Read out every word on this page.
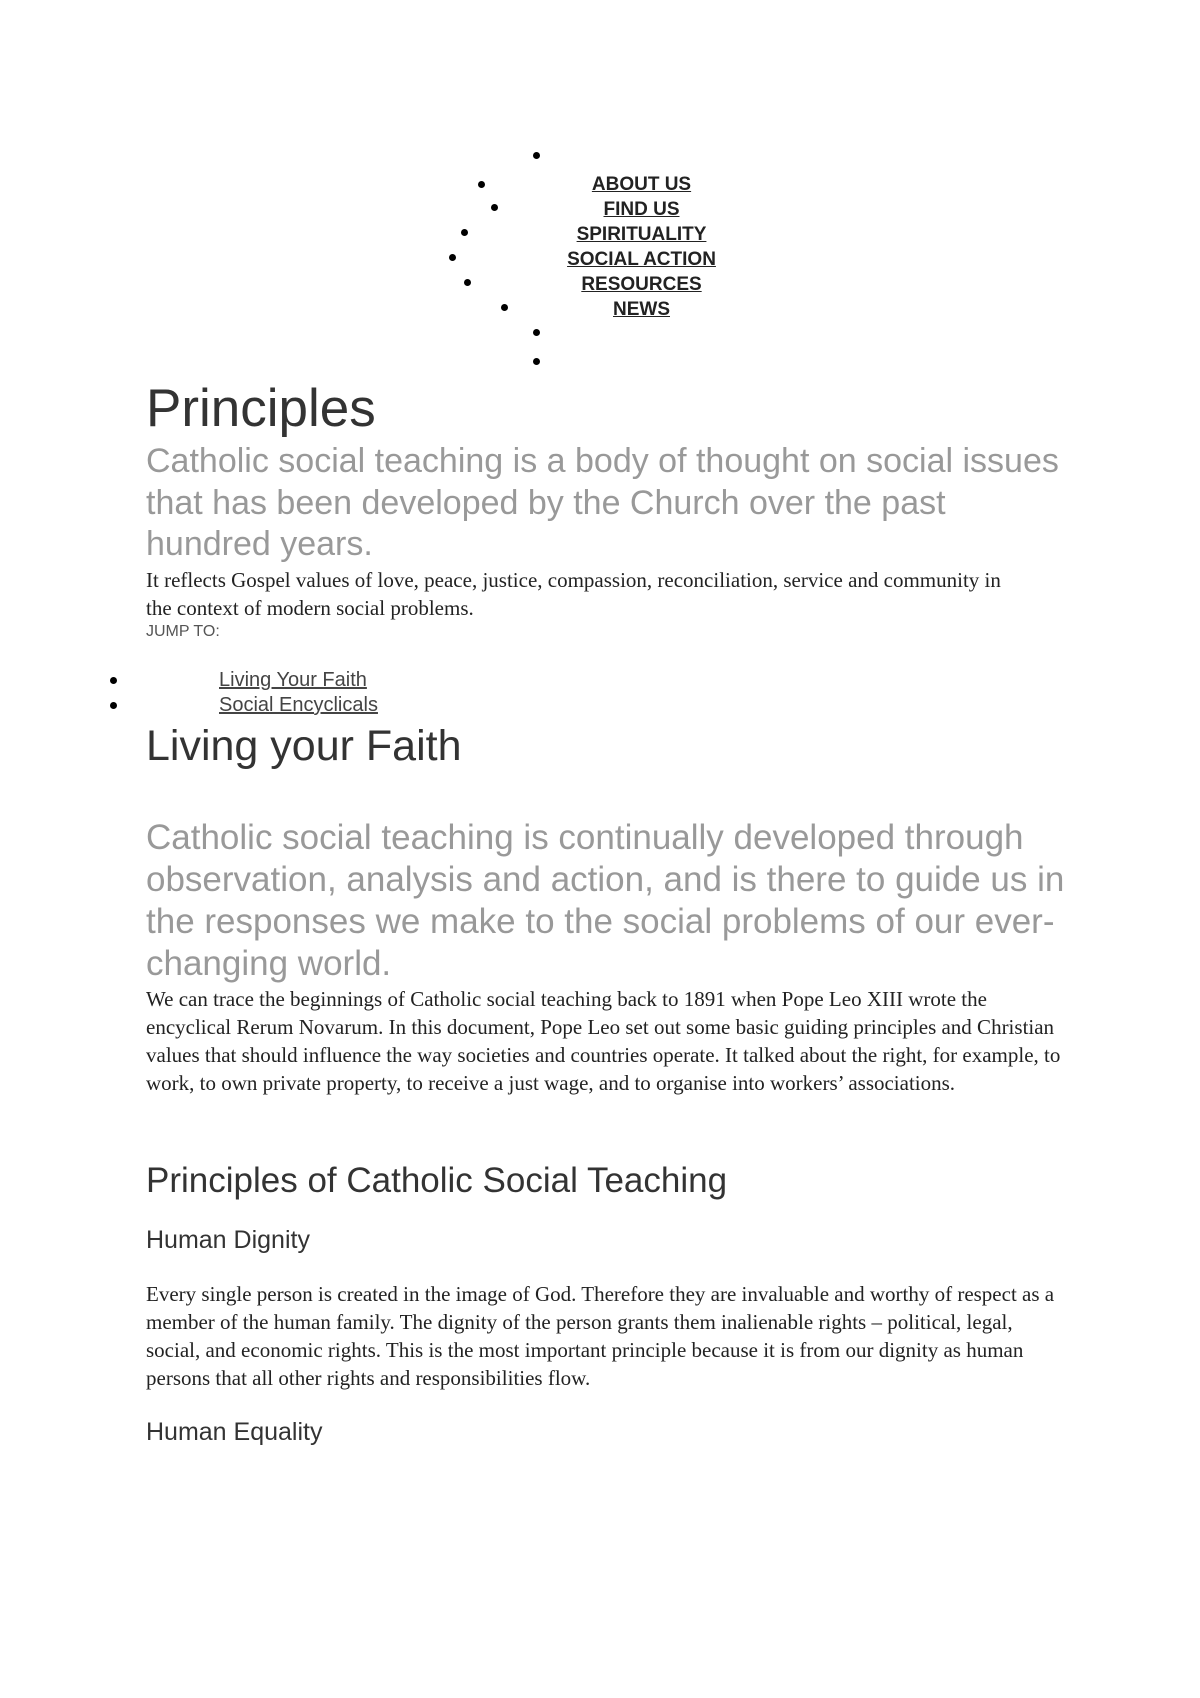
ABOUT US
FIND US
SPIRITUALITY
SOCIAL ACTION
RESOURCES
NEWS
Principles

Catholic social teaching is a body of thought on social issues that has been developed by the Church over the past hundred years.

It reflects Gospel values of love, peace, justice, compassion, reconciliation, service and community in the context of modern social problems.

JUMP TO:

Living Your Faith
Social Encyclicals
Living your Faith

Catholic social teaching is continually developed through observation, analysis and action, and is there to guide us in the responses we make to the social problems of our ever-changing world.

We can trace the beginnings of Catholic social teaching back to 1891 when Pope Leo XIII wrote the encyclical Rerum Novarum. In this document, Pope Leo set out some basic guiding principles and Christian values that should influence the way societies and countries operate. It talked about the right, for example, to work, to own private property, to receive a just wage, and to organise into workers’ associations.

Principles of Catholic Social Teaching
Human Dignity

Every single person is created in the image of God. Therefore they are invaluable and worthy of respect as a member of the human family. The dignity of the person grants them inalienable rights – political, legal, social, and economic rights. This is the most important principle because it is from our dignity as human persons that all other rights and responsibilities flow.

Human Equality
